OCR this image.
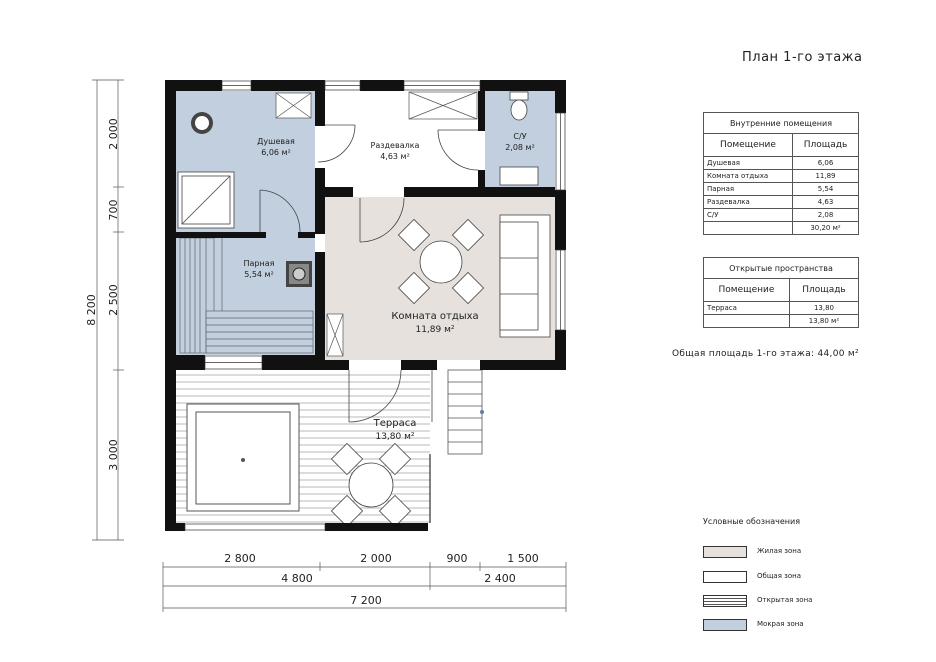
2 000
700
2 500
3 000
8 200
2 800	2 000	900	1 500
4 800	2 400
7 200
Душевая
6,06 м²
Раздевалка
4,63 м²
С/У
2,08 м²
Парная
5,54 м²
Комната отдыха
11,89 м²
Терраса
13,80 м²
План 1-го этажа
Внутренние помещения	
Помещение	Площадь
Душевая	6,06
Комната отдыха	11,89
Парная	5,54
Раздевалка	4,63
С/У	2,08
	30,20 м²
Открытые пространства	
Помещение	Площадь
Терраса	13,80
	13,80 м²
Общая площадь 1-го этажа: 44,00 м²
Условные обозначения
Жилая зона
Общая зона
Открытая зона
Мокрая зона
